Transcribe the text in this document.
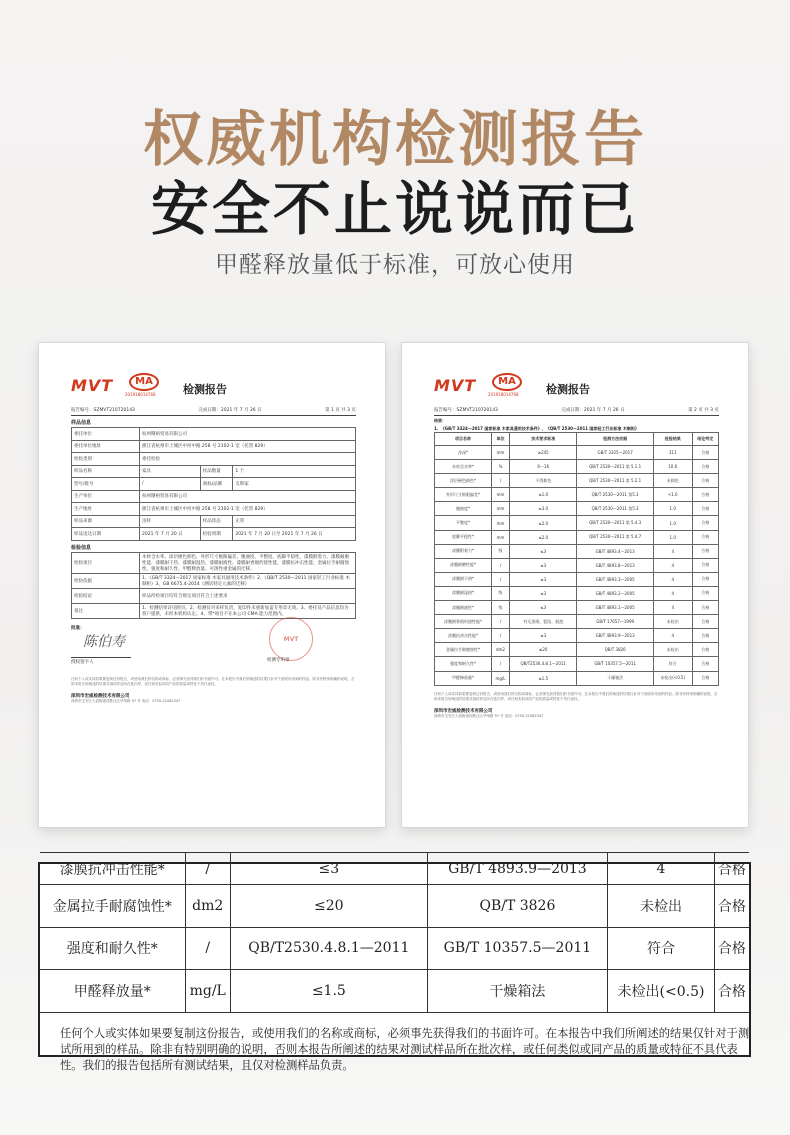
权威机构检测报告
安全不止说说而已
甲醛释放量低于标准，可放心使用
MVT	MA
201918014768 检测报告
报告编号：SZMVT210720143	完成日期：2021 年 7 月 26 日	第 1 页 共 3 页
样品信息
委托单位	杭州珊裕贸易有限公司		
委托单位地址	浙江省杭州市上城区中河中路 258 号 2102-1 室（托管 829）		
检验类别	委托检验		
样品名称	家具	样品数量	1 个
型号/批号	/	商标/品牌	友斯家
生产单位	杭州珊裕贸易有限公司		
生产地址	浙江省杭州市上城区中河中路 258 号 2102-1 室（托管 829）		
样品来源	送样	样品状态	正常
样品送达日期	2021 年 7 月 20 日	检验周期	2021 年 7 月 20 日至 2021 年 7 月 26 日
检验信息
检验项目	木材含水率、涂层硬色抑色、外形尺寸极限偏差、翘曲度、平整度、底脚平稳性、漆膜附着力、漆膜耐磨性能、漆膜耐干热、漆膜耐湿热、漆膜耐液性、漆膜耐香烟灼烧性能、漆膜抗冲击性能、金属拉手耐腐蚀性、强度和耐久性、甲醛释放量、可溶性重金属的迁移。
检验依据	1、《GB/T 3324—2017 国家标准 木家具通用技术条件》2、《QB/T 2530—2011 国家轻工行业标准 木制柜》3、GB 6675.4-2014《测试特定元素的迁移》
检验结论	样品所检项目均符合规定项目符合上述要求
备注	1、检测结果详见附页。2、检测仅对来样负责，复印件未重新加盖专用章无效。3、委托及产品信息均为客户提供，未经本机构认定。4、带*项目不在本公司 CMA 能力范围内。
批准：
陈伯寿
授权签字人
MVT
检测专用章
任何个人或实体如果要复制这份报告，或使用我们的名称或商标，必须事先获得我们的书面许可。在本报告中我们所阐述的结果仅针对于测试所用到的样品。除非有特别明确的说明，否则本报告所阐述的结果对测试样品所在批次样，或任何类似或同产品的质量或特征不具代表性。
深圳市宏威检测技术有限公司
深圳市宝安区大浪街道同胜社区华荣路 97 号 电话：0755-21082347
MVT	MA
201918014768 检测报告
报告编号：SZMVT210720143	完成日期：2021 年 7 月 26 日	第 2 页 共 3 页
结果：
1、《GB/T 3324—2017 国家标准 木家具通用技术条件》、《QB/T 2530—2011 国家轻工行业标准 木制柜》
项目名称	单位	技术要求标准	检测方法依据	检验结果	结论判定
净深*	mm	≥245	GB/T 3325—2017	311	合格
木材含水率*	%	6～16	QB/T 2530—2011 第 5.1.1	10.6	合格
涂层硬色抑色*	/	不得抑色	QB/T 2530—2011 第 5.2.1	未抑色	合格
外形尺寸极限偏差*	mm	≤1.0	QB/T 2530—2011 第5.3	<1.0	合格
翘曲度*	mm	≤3.0	QB/T 2530—2011 第5.3	1.0	合格
平整度*	mm	≤2.0	QB/T 2530—2011 第 5.4.3	1.0	合格
底脚平稳性*	mm	≤2.0	QB/T 2530—2011 第 5.4.7	1.0	合格
漆膜附着力*	级	≤3	GB/T 4893.4—2013	4	合格
漆膜耐磨性能*	/	≤3	GB/T 4893.8—2013	4	合格
漆膜耐干热*	/	≤3	GB/T 4893.3—2005	4	合格
漆膜耐湿热*	级	≤3	GB/T 4893.2—2005	4	合格
漆膜耐液性*	级	≤3	GB/T 4893.1—2005	4	合格
漆膜耐香烟灼烧性能*	/	对无黑斑、裂纹、鼓泡	GB/T 17657—1999	未检出	合格
漆膜抗冲击性能*	/	≤3	GB/T 4893.9—2013	4	合格
金属拉手耐腐蚀性*	dm2	≤20	QB/T 3826	未检出	合格
强度和耐久性*	/	QB/T2530.4.8.1—2011	GB/T 10357.5—2011	符合	合格
甲醛释放量*	mg/L	≤1.5	干燥箱法	未检出(<0.5)	合格
任何个人或实体如果要复制这份报告，或使用我们的名称或商标，必须事先获得我们的书面许可。在本报告中我们所阐述的结果仅针对于测试所用到的样品。除非有特别明确的说明，否则本报告所阐述的结果对测试样品所在批次样，或任何类似或同产品的质量或特征不具代表性。
深圳市宏威检测技术有限公司
深圳市宝安区大浪街道同胜社区华荣路 97 号 电话：0755-21082347
漆膜抗冲击性能*	/	≤3	GB/T 4893.9—2013	4	合格
金属拉手耐腐蚀性*	dm2	≤20	QB/T 3826	未检出	合格
强度和耐久性*	/	QB/T2530.4.8.1—2011	GB/T 10357.5—2011	符合	合格
甲醛释放量*	mg/L	≤1.5	干燥箱法	未检出(<0.5)	合格
任何个人或实体如果要复制这份报告，或使用我们的名称或商标，必须事先获得我们的书面许可。在本报告中我们所阐述的结果仅针对于测试所用到的样品。除非有特别明确的说明，否则本报告所阐述的结果对测试样品所在批次样，或任何类似或同产品的质量或特征不具代表性。我们的报告包括所有测试结果，且仅对检测样品负责。
